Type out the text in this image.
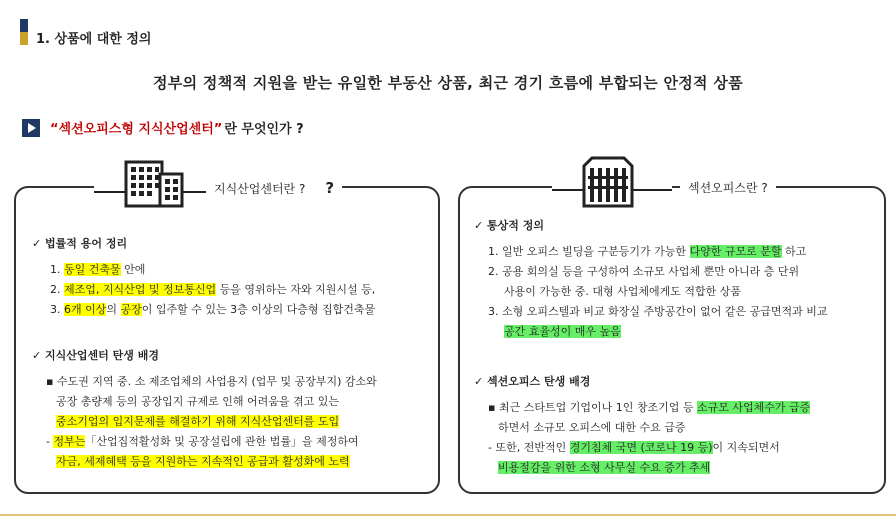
1. 상품에 대한 정의
정부의 정책적 지원을 받는 유일한 부동산 상품, 최근 경기 흐름에 부합되는 안정적 상품
“섹션오피스형 지식산업센터” 란 무엇인가 ?
지식산업센터란 ? ?
✓ 법률적 용어 정리
1. 동일 건축물 안에
2. 제조업, 지식산업 및 정보통신업 등을 영위하는 자와 지원시설 등,
3. 6개 이상의 공장이 입주할 수 있는 3층 이상의 다층형 집합건축물
✓ 지식산업센터 탄생 배경
▪ 수도권 지역 중. 소 제조업체의 사업용지 (업무 및 공장부지) 감소와
공장 총량제 등의 공장입지 규제로 인해 어려움을 겪고 있는
중소기업의 입지문제를 해결하기 위해 지식산업센터를 도입
- 정부는「산업집적활성화 및 공장설립에 관한 법률」을 제정하여
자금, 세제혜택 등을 지원하는 지속적인 공급과 활성화에 노력
섹션오피스란 ?
✓ 통상적 정의
1. 일반 오피스 빌딩을 구분등기가 가능한 다양한 규모로 분할 하고
2. 공용 회의실 등을 구성하여 소규모 사업체 뿐만 아니라 층 단위
사용이 가능한 중. 대형 사업체에게도 적합한 상품
3. 소형 오피스텔과 비교 화장실 주방공간이 없어 같은 공급면적과 비교
공간 효율성이 매우 높음
✓ 섹션오피스 탄생 배경
▪ 최근 스타트업 기업이나 1인 창조기업 등 소규모 사업체수가 급증
하면서 소규모 오피스에 대한 수요 급증
- 또한, 전반적인 경기침체 국면 (코로나 19 등)이 지속되면서
비용절감을 위한 소형 사무실 수요 증가 추세
